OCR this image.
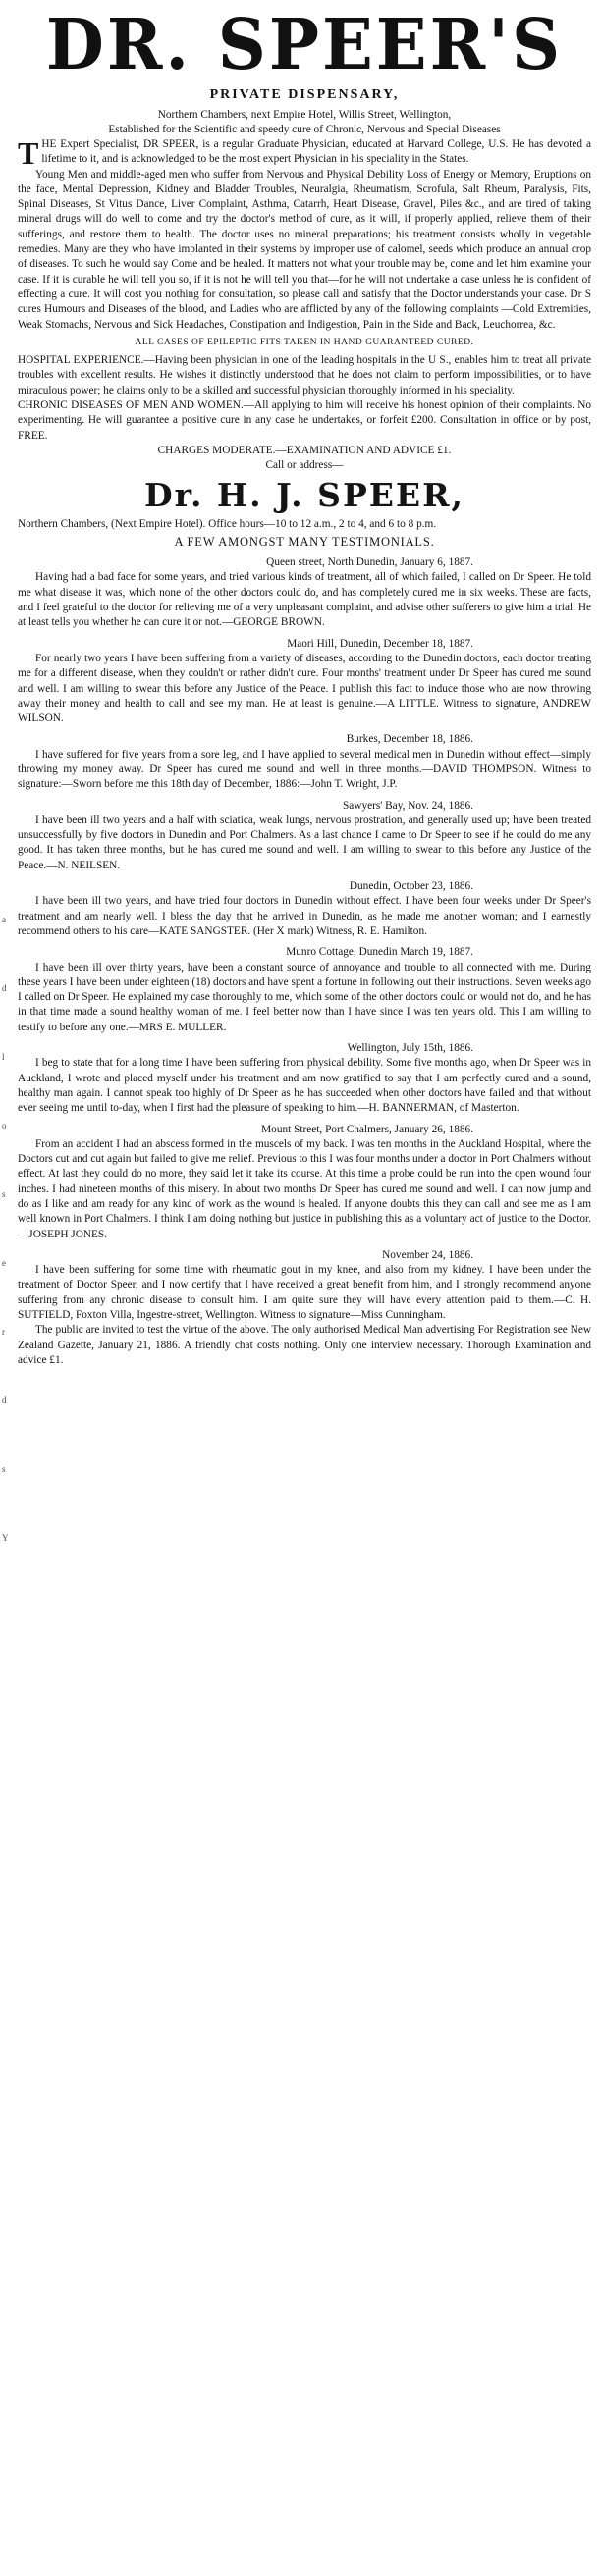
a
d
l
o
s
e
r
d
s
Y
DR. SPEER'S
PRIVATE DISPENSARY,
Northern Chambers, next Empire Hotel, Willis Street, Wellington,
Established for the Scientific and speedy cure of Chronic, Nervous and Special Diseases

THE Expert Specialist, DR SPEER, is a regular Graduate Physician, educated at Harvard College, U.S. He has devoted a lifetime to it, and is acknowledged to be the most expert Physician in his speciality in the States.

Young Men and middle-aged men who suffer from Nervous and Physical Debility Loss of Energy or Memory, Eruptions on the face, Mental Depression, Kidney and Bladder Troubles, Neuralgia, Rheumatism, Scrofula, Salt Rheum, Paralysis, Fits, Spinal Diseases, St Vitus Dance, Liver Complaint, Asthma, Catarrh, Heart Disease, Gravel, Piles &c., and are tired of taking mineral drugs will do well to come and try the doctor's method of cure, as it will, if properly applied, relieve them of their sufferings, and restore them to health. The doctor uses no mineral preparations; his treatment consists wholly in vegetable remedies. Many are they who have implanted in their systems by improper use of calomel, seeds which produce an annual crop of diseases. To such he would say Come and be healed. It matters not what your trouble may be, come and let him examine your case. If it is curable he will tell you so, if it is not he will tell you that—for he will not undertake a case unless he is confident of effecting a cure. It will cost you nothing for consultation, so please call and satisfy that the Doctor understands your case. Dr S cures Humours and Diseases of the blood, and Ladies who are afflicted by any of the following complaints —Cold Extremities, Weak Stomachs, Nervous and Sick Headaches, Constipation and Indigestion, Pain in the Side and Back, Leuchorrea, &c.

ALL CASES OF EPILEPTIC FITS TAKEN IN HAND GUARANTEED CURED.

HOSPITAL EXPERIENCE.—Having been physician in one of the leading hospitals in the U S., enables him to treat all private troubles with excellent results. He wishes it distinctly understood that he does not claim to perform impossibilities, or to have miraculous power; he claims only to be a skilled and successful physician thoroughly informed in his speciality.

CHRONIC DISEASES OF MEN AND WOMEN.—All applying to him will receive his honest opinion of their complaints. No experimenting. He will guarantee a positive cure in any case he undertakes, or forfeit £200. Consultation in office or by post, FREE.

CHARGES MODERATE.—EXAMINATION AND ADVICE £1.
Call or address—
Dr. H. J. SPEER,

Northern Chambers, (Next Empire Hotel). Office hours—10 to 12 a.m., 2 to 4, and 6 to 8 p.m.

A FEW AMONGST MANY TESTIMONIALS.
Queen street, North Dunedin, January 6, 1887.

Having had a bad face for some years, and tried various kinds of treatment, all of which failed, I called on Dr Speer. He told me what disease it was, which none of the other doctors could do, and has completely cured me in six weeks. These are facts, and I feel grateful to the doctor for relieving me of a very unpleasant complaint, and advise other sufferers to give him a trial. He at least tells you whether he can cure it or not.—GEORGE BROWN.

Maori Hill, Dunedin, December 18, 1887.

For nearly two years I have been suffering from a variety of diseases, according to the Dunedin doctors, each doctor treating me for a different disease, when they couldn't or rather didn't cure. Four months' treatment under Dr Speer has cured me sound and well. I am willing to swear this before any Justice of the Peace. I publish this fact to induce those who are now throwing away their money and health to call and see my man. He at least is genuine.—A LITTLE. Witness to signature, ANDREW WILSON.

Burkes, December 18, 1886.

I have suffered for five years from a sore leg, and I have applied to several medical men in Dunedin without effect—simply throwing my money away. Dr Speer has cured me sound and well in three months.—DAVID THOMPSON. Witness to signature:—Sworn before me this 18th day of December, 1886:—John T. Wright, J.P.

Sawyers' Bay, Nov. 24, 1886.

I have been ill two years and a half with sciatica, weak lungs, nervous prostration, and generally used up; have been treated unsuccessfully by five doctors in Dunedin and Port Chalmers. As a last chance I came to Dr Speer to see if he could do me any good. It has taken three months, but he has cured me sound and well. I am willing to swear to this before any Justice of the Peace.—N. NEILSEN.

Dunedin, October 23, 1886.

I have been ill two years, and have tried four doctors in Dunedin without effect. I have been four weeks under Dr Speer's treatment and am nearly well. I bless the day that he arrived in Dunedin, as he made me another woman; and I earnestly recommend others to his care—KATE SANGSTER. (Her X mark) Witness, R. E. Hamilton.

Munro Cottage, Dunedin March 19, 1887.

I have been ill over thirty years, have been a constant source of annoyance and trouble to all connected with me. During these years I have been under eighteen (18) doctors and have spent a fortune in following out their instructions. Seven weeks ago I called on Dr Speer. He explained my case thoroughly to me, which some of the other doctors could or would not do, and he has in that time made a sound healthy woman of me. I feel better now than I have since I was ten years old. This I am willing to testify to before any one.—MRS E. MULLER.

Wellington, July 15th, 1886.

I beg to state that for a long time I have been suffering from physical debility. Some five months ago, when Dr Speer was in Auckland, I wrote and placed myself under his treatment and am now gratified to say that I am perfectly cured and a sound, healthy man again. I cannot speak too highly of Dr Speer as he has succeeded when other doctors have failed and that without ever seeing me until to-day, when I first had the pleasure of speaking to him.—H. BANNERMAN, of Masterton.

Mount Street, Port Chalmers, January 26, 1886.

From an accident I had an abscess formed in the muscels of my back. I was ten months in the Auckland Hospital, where the Doctors cut and cut again but failed to give me relief. Previous to this I was four months under a doctor in Port Chalmers without effect. At last they could do no more, they said let it take its course. At this time a probe could be run into the open wound four inches. I had nineteen months of this misery. In about two months Dr Speer has cured me sound and well. I can now jump and do as I like and am ready for any kind of work as the wound is healed. If anyone doubts this they can call and see me as I am well known in Port Chalmers. I think I am doing nothing but justice in publishing this as a voluntary act of justice to the Doctor.—JOSEPH JONES.

November 24, 1886.

I have been suffering for some time with rheumatic gout in my knee, and also from my kidney. I have been under the treatment of Doctor Speer, and I now certify that I have received a great benefit from him, and I strongly recommend anyone suffering from any chronic disease to consult him. I am quite sure they will have every attention paid to them.—C. H. SUTFIELD, Foxton Villa, Ingestre-street, Wellington. Witness to signature—Miss Cunningham.

The public are invited to test the virtue of the above. The only authorised Medical Man advertising For Registration see New Zealand Gazette, January 21, 1886. A friendly chat costs nothing. Only one interview necessary. Thorough Examination and advice £1.
